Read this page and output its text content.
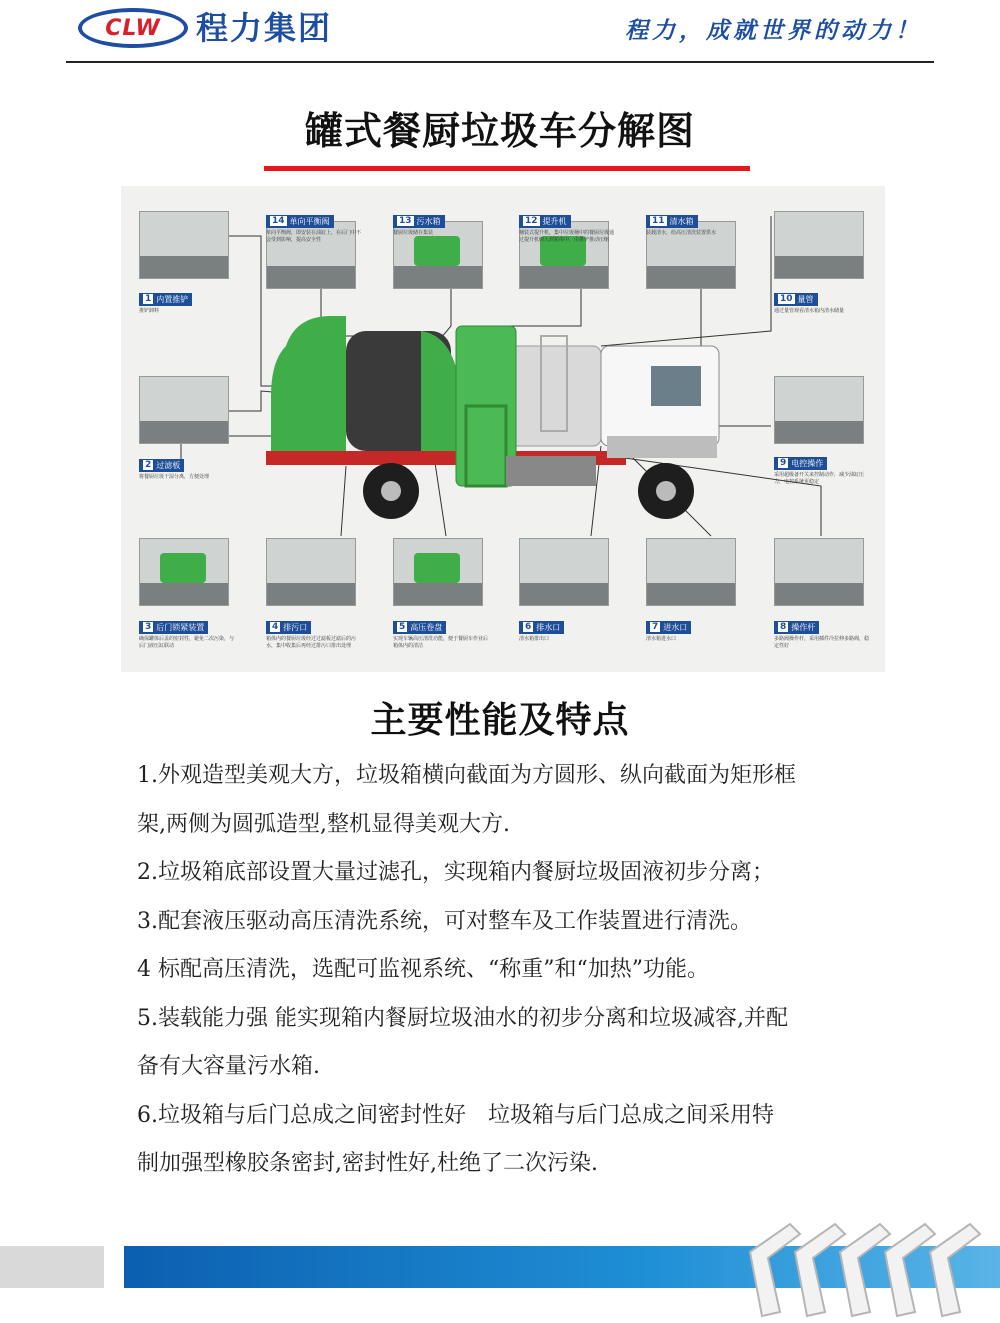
CLW 程力集团	程力，成就世界的动力！
罐式餐厨垃圾车分解图
1 内置推铲
推铲卸料
2 过滤板
将餐厨垃圾干湿分离，方便处理
3 后门锁紧装置
确保罐体后盖的密封性，避免二次污染，与后门液压缸联动
4 排污口
箱体内的餐厨垃圾经过过滤板过滤后的污水，集中收集后再经过排污口排出处理
5 高压卷盘
实现车辆高压清洗功能，便于餐厨车作业后箱体内的清洁
6 排水口
清水箱排出口
7 进水口
清水箱进水口
8 操作杆
多路阀操作杆，采用插件冷拉伸多路阀，稳定性好
9 电控操作
采用超级备开关来控制动作，减少油缸压力，电控系统更稳定
10 量管
通过量管观看清水箱内清水储量
11 清水箱
装载清水，给高压清洗装置供水
12 提升机
桶装式提升机，集中垃圾桶中的餐厨垃圾通过提升机倒入到箱体中，由推铲推动压缩
13 污水箱
餐厨垃圾储存集装
14 单向平衡阀
单向平衡阀，即安装在油缸上，在后门中不会受到影响，提高安全性
主要性能及特点

1.外观造型美观大方，垃圾箱横向截面为方圆形、纵向截面为矩形框

架,两侧为圆弧造型,整机显得美观大方.

2.垃圾箱底部设置大量过滤孔，实现箱内餐厨垃圾固液初步分离；

3.配套液压驱动高压清洗系统，可对整车及工作装置进行清洗。

4 标配高压清洗，选配可监视系统、“称重”和“加热”功能。

5.装载能力强 能实现箱内餐厨垃圾油水的初步分离和垃圾减容,并配

备有大容量污水箱.

6.垃圾箱与后门总成之间密封性好　垃圾箱与后门总成之间采用特

制加强型橡胶条密封,密封性好,杜绝了二次污染.
